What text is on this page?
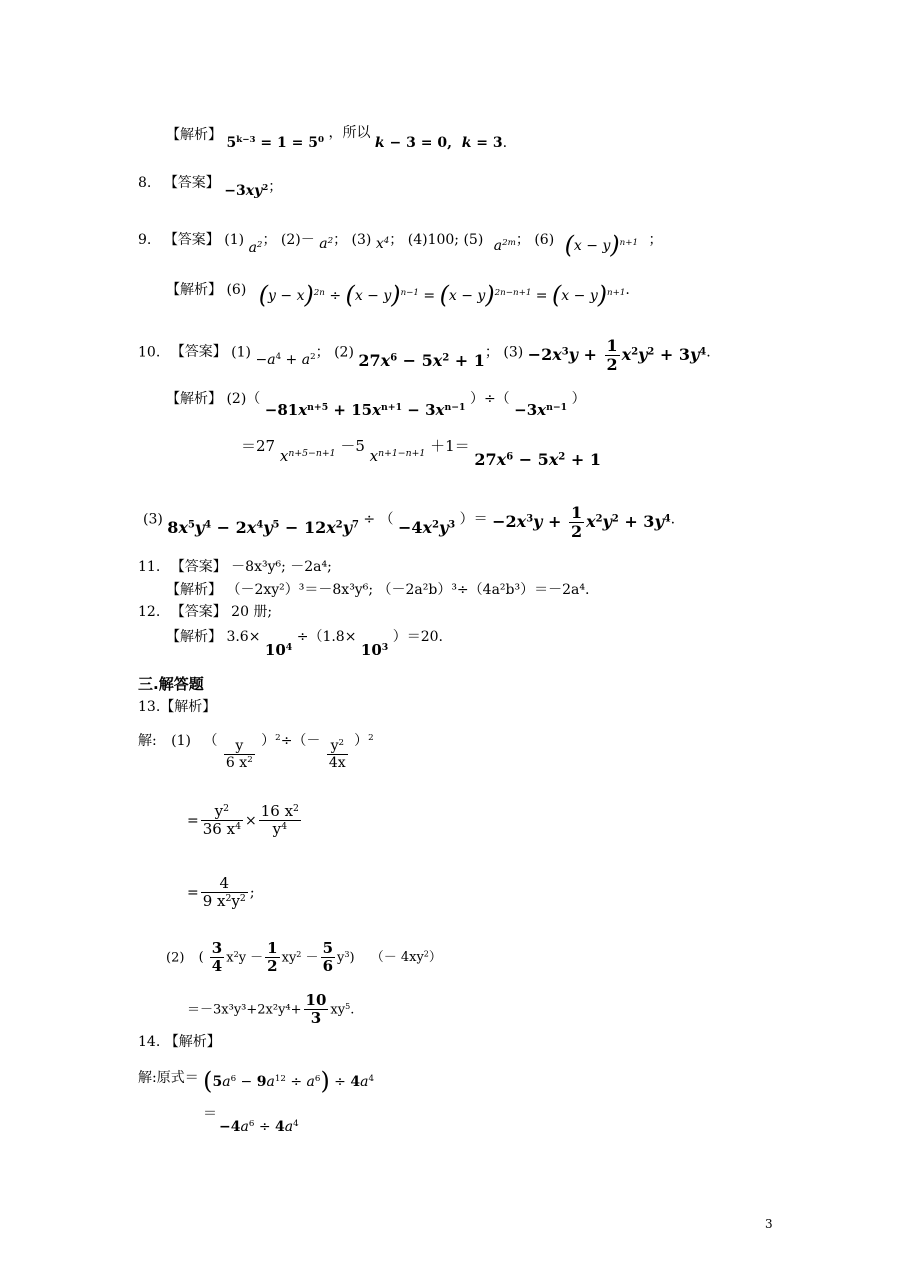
【解析】 $5^{k-3} = 1 = 5^0$ ，所以 k − 3 = 0,  k = 3.
8. 【答案】 $-3xy^2$；
9. 【答案】 (1) $a^2$； $(2)- a^2$； (3) $x^4$； (4)100; (5) $a^{2m}$； (6) $(x - y)^{n+1}$ ；
【解析】 (6) $(y - x)^{2n} \div (x - y)^{n-1} = (x - y)^{2n-n+1} = (x - y)^{n+1}$.
10. 【答案】 $(1) -a^4 + a^2$； (2) $27x^6 - 5x^2 + 1$； $(3) -2x^3y + \frac{1}{2} x^2y^2 + 3y^4$.
【解析】 $(2)( -81x^{n+5} + 15x^{n+1} - 3x^{n-1}$ ）÷（ $-3x^{n-1}$ ）
＝27 $x^{n+5-n+1} -5$ $x^{n+1-n+1} +1= 27x^6 - 5x^2 + 1$
(3) $8x^5y^4 - 2x^4y^5 - 12x^2y^7$ ÷ （ $-4x^2y^3$ ）＝ $-2x^3y + \frac{1}{2} x^2y^2 + 3y^4$.
11. 【答案】 －8x³y⁶; －2a⁴;
【解析】 （－2xy²）³＝－8x³y⁶; （－2a²b）³÷（4a²b³）＝－2a⁴.
12. 【答案】 20 册;
【解析】 $3.6\times 10^4 \div(1.8\times 10^3$ ）＝20.
三.解答题
13.【解析】
解: (1) （ $\frac{y}{6 x^2} )^2\div(- \frac{y^2}{4x} )^2$
= $\frac{y^2}{36 x^4} \times \frac{16 x^2}{y^4}$
= $\frac{4}{9 x^2y^2}$ ;
(2) ( $\frac{3}{4} x^2y - \frac{1}{2} xy^2 - \frac{5}{6} y^3$) （－ $4xy^2$）
$=-3x^3y^3+2x^2y^4+ \frac{10}{3} xy^5$.
14. 【解析】
解:原式＝ $(5a^6 - 9a^{12} \div a^6) \div 4a^4$
＝
$-4a^6 \div 4a^4$
3
